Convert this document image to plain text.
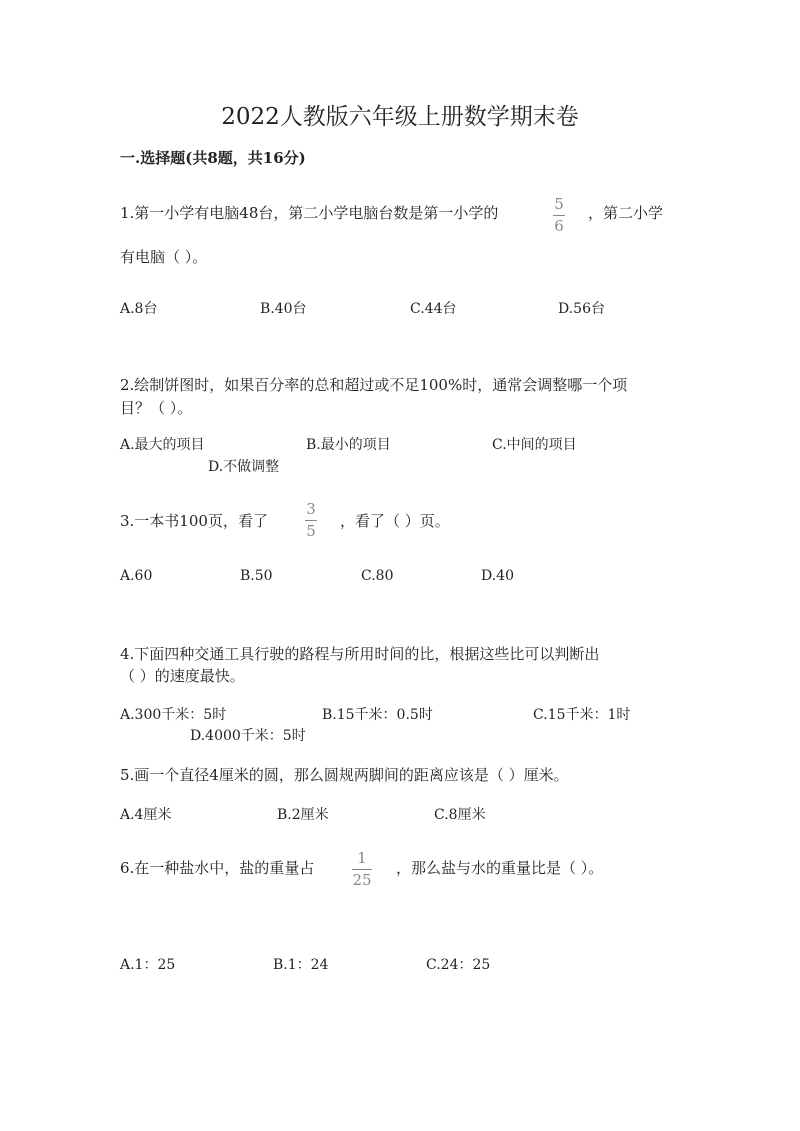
2022人教版六年级上册数学期末卷
一.选择题(共8题，共16分)
1.第一小学有电脑48台，第二小学电脑台数是第一小学的	5
6
，第二小学
有电脑（ ）。
A.8台	B.40台	C.44台	D.56台
2.绘制饼图时，如果百分率的总和超过或不足100%时，通常会调整哪一个项
目？（ ）。
A.最大的项目	B.最小的项目	C.中间的项目
D.不做调整
3.一本书100页，看了
3
5
，看了（ ）页。
A.60	B.50	C.80	D.40
4.下面四种交通工具行驶的路程与所用时间的比，根据这些比可以判断出
（ ）的速度最快。
A.300千米：5时	B.15千米：0.5时	C.15千米：1时
D.4000千米：5时
5.画一个直径4厘米的圆，那么圆规两脚间的距离应该是（ ）厘米。
A.4厘米	B.2厘米	C.8厘米
6.在一种盐水中，盐的重量占
1
25
，那么盐与水的重量比是（ ）。
A.1：25	B.1：24	C.24：25
